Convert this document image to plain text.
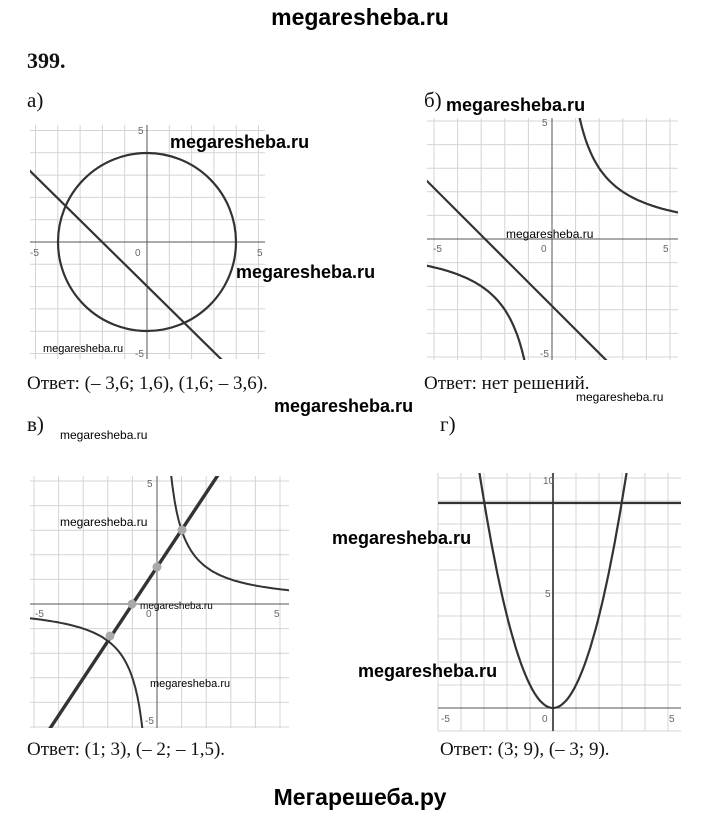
megaresheba.ru
399.
а)	б)
в)	г)
-5	0	5
5
-5
-5	0	5
5
-5
-5	0	5
5
-5	-5	0	5
10
5
Ответ: (– 3,6; 1,6), (1,6; – 3,6).	Ответ: нет решений.
Ответ: (1; 3), (– 2; – 1,5).	Ответ: (3; 9), (– 3; 9).
megaresheba.ru
megaresheba.ru
megaresheba.ru
megaresheba.ru
megaresheba.ru
megaresheba.ru
megaresheba.ru
megaresheba.ru
megaresheba.ru
megaresheba.ru
megaresheba.ru
megaresheba.ru
megaresheba.ru
Мегарешеба.ру
